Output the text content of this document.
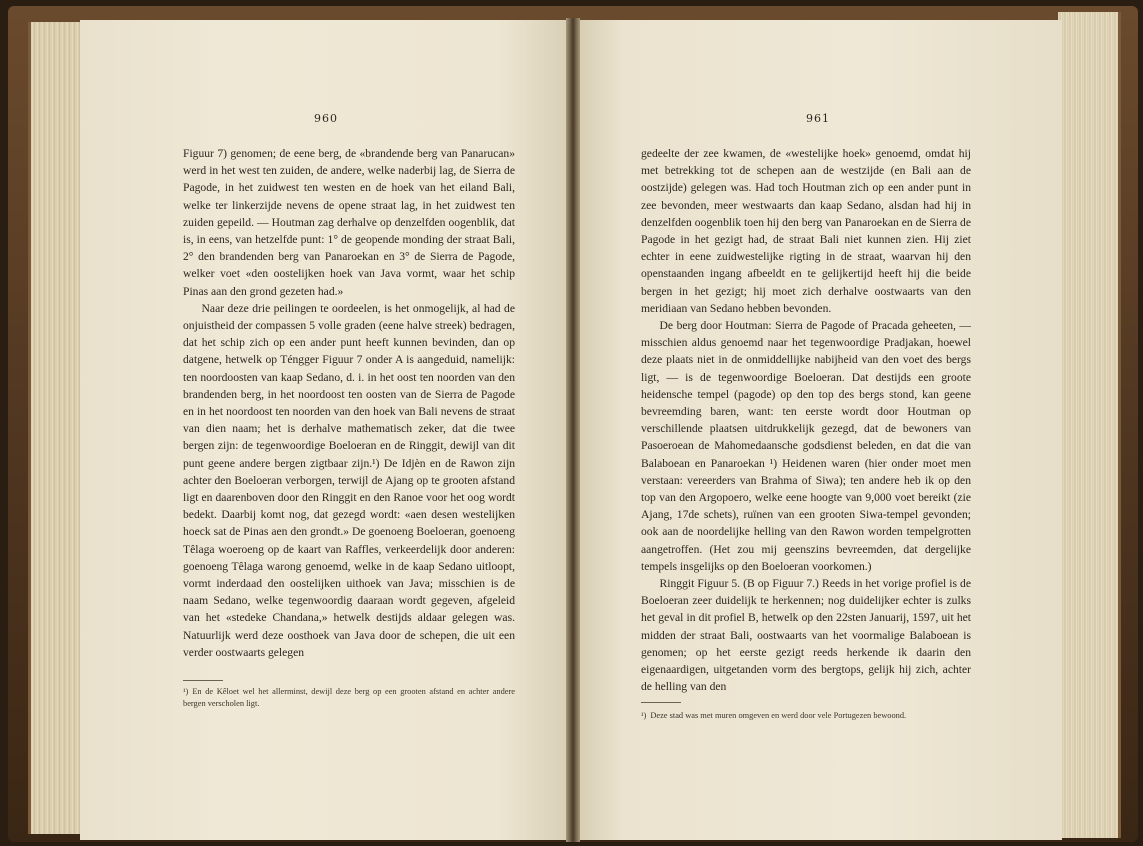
960

Figuur 7) genomen; de eene berg, de «brandende berg van Panarucan» werd in het west ten zuiden, de andere, welke naderbij lag, de Sierra de Pagode, in het zuidwest ten westen en de hoek van het eiland Bali, welke ter linkerzijde nevens de opene straat lag, in het zuidwest ten zuiden gepeild. — Houtman zag derhalve op denzelfden oogenblik, dat is, in eens, van hetzelfde punt: 1° de geopende monding der straat Bali, 2° den brandenden berg van Panaroekan en 3° de Sierra de Pagode, welker voet «den oostelijken hoek van Java vormt, waar het schip Pinas aan den grond gezeten had.»

Naar deze drie peilingen te oordeelen, is het onmogelijk, al had de onjuistheid der compassen 5 volle graden (eene halve streek) bedragen, dat het schip zich op een ander punt heeft kunnen bevinden, dan op datgene, hetwelk op Téngger Figuur 7 onder A is aangeduid, namelijk: ten noordoosten van kaap Sedano, d. i. in het oost ten noorden van den brandenden berg, in het noordoost ten oosten van de Sierra de Pagode en in het noordoost ten noorden van den hoek van Bali nevens de straat van dien naam; het is derhalve mathematisch zeker, dat die twee bergen zijn: de tegenwoordige Boeloeran en de Ringgit, dewijl van dit punt geene andere bergen zigtbaar zijn.¹) De Idjèn en de Rawon zijn achter den Boeloeran verborgen, terwijl de Ajang op te grooten afstand ligt en daarenboven door den Ringgit en den Ranoe voor het oog wordt bedekt. Daarbij komt nog, dat gezegd wordt: «aen desen westelijken hoeck sat de Pinas aen den grondt.» De goenoeng Boeloeran, goenoeng Têlaga woeroeng op de kaart van Raffles, verkeerdelijk door anderen: goenoeng Têlaga warong genoemd, welke in de kaap Sedano uitloopt, vormt inderdaad den oostelijken uithoek van Java; misschien is de naam Sedano, welke tegenwoordig daaraan wordt gegeven, afgeleid van het «stedeke Chandana,» hetwelk destijds aldaar gelegen was. Natuurlijk werd deze oosthoek van Java door de schepen, die uit een verder oostwaarts gelegen

¹) En de Kêloet wel het allerminst, dewijl deze berg op een grooten afstand en achter andere bergen verscholen ligt.
961

gedeelte der zee kwamen, de «westelijke hoek» genoemd, omdat hij met betrekking tot de schepen aan de westzijde (en Bali aan de oostzijde) gelegen was. Had toch Houtman zich op een ander punt in zee bevonden, meer westwaarts dan kaap Sedano, alsdan had hij in denzelfden oogenblik toen hij den berg van Panaroekan en de Sierra de Pagode in het gezigt had, de straat Bali niet kunnen zien. Hij ziet echter in eene zuidwestelijke rigting in de straat, waarvan hij den openstaanden ingang afbeeldt en te gelijkertijd heeft hij die beide bergen in het gezigt; hij moet zich derhalve oostwaarts van den meridiaan van Sedano hebben bevonden.

De berg door Houtman: Sierra de Pagode of Pracada geheeten, — misschien aldus genoemd naar het tegenwoordige Pradjakan, hoewel deze plaats niet in de onmiddellijke nabijheid van den voet des bergs ligt, — is de tegenwoordige Boeloeran. Dat destijds een groote heidensche tempel (pagode) op den top des bergs stond, kan geene bevreemding baren, want: ten eerste wordt door Houtman op verschillende plaatsen uitdrukkelijk gezegd, dat de bewoners van Pasoeroean de Mahomedaansche godsdienst beleden, en dat die van Balaboean en Panaroekan ¹) Heidenen waren (hier onder moet men verstaan: vereerders van Brahma of Siwa); ten andere heb ik op den top van den Argopoero, welke eene hoogte van 9,000 voet bereikt (zie Ajang, 17de schets), ruïnen van een grooten Siwa-tempel gevonden; ook aan de noordelijke helling van den Rawon worden tempelgrotten aangetroffen. (Het zou mij geenszins bevreemden, dat dergelijke tempels insgelijks op den Boeloeran voorkomen.)

Ringgit Figuur 5. (B op Figuur 7.) Reeds in het vorige profiel is de Boeloeran zeer duidelijk te herkennen; nog duidelijker echter is zulks het geval in dit profiel B, hetwelk op den 22sten Januarij, 1597, uit het midden der straat Bali, oostwaarts van het voormalige Balaboean is genomen; op het eerste gezigt reeds herkende ik daarin den eigenaardigen, uitgetanden vorm des bergtops, gelijk hij zich, achter de helling van den

¹) Deze stad was met muren omgeven en werd door vele Portugezen bewoond.
